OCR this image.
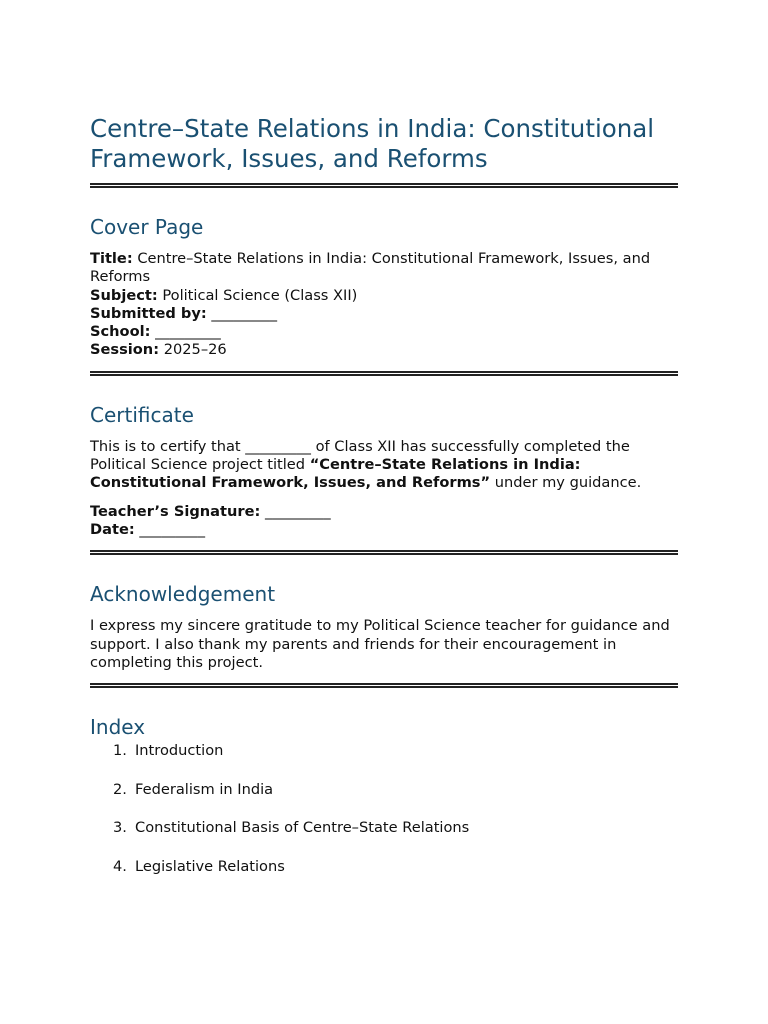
Centre–State Relations in India: Constitutional Framework, Issues, and Reforms
Cover Page

Title: Centre–State Relations in India: Constitutional Framework, Issues, and Reforms

Subject: Political Science (Class XII)

Submitted by: _________

School: _________

Session: 2025–26

Certificate

This is to certify that _________ of Class XII has successfully completed the Political Science project titled “Centre–State Relations in India: Constitutional Framework, Issues, and Reforms” under my guidance.

Teacher’s Signature: _________

Date: _________

Acknowledgement

I express my sincere gratitude to my Political Science teacher for guidance and support. I also thank my parents and friends for their encouragement in completing this project.

Index
1. Introduction
2. Federalism in India
3. Constitutional Basis of Centre–State Relations
4. Legislative Relations
